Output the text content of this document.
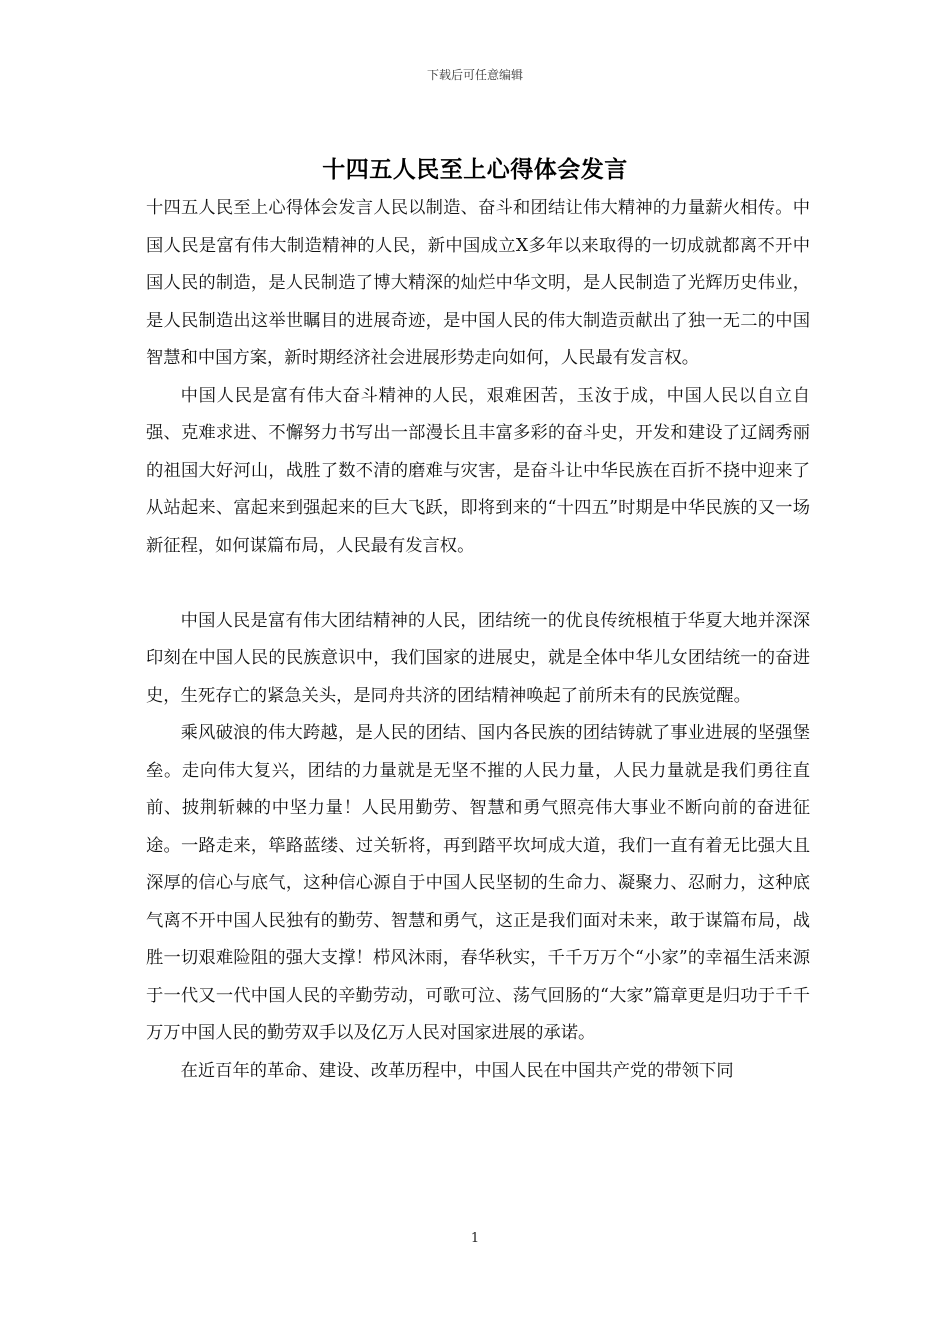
下载后可任意编辑
十四五人民至上心得体会发言

十四五人民至上心得体会发言人民以制造、奋斗和团结让伟大精神的力量薪火相传。中国人民是富有伟大制造精神的人民，新中国成立X多年以来取得的一切成就都离不开中国人民的制造，是人民制造了博大精深的灿烂中华文明，是人民制造了光辉历史伟业，是人民制造出这举世瞩目的进展奇迹，是中国人民的伟大制造贡献出了独一无二的中国智慧和中国方案，新时期经济社会进展形势走向如何，人民最有发言权。

中国人民是富有伟大奋斗精神的人民，艰难困苦，玉汝于成，中国人民以自立自强、克难求进、不懈努力书写出一部漫长且丰富多彩的奋斗史，开发和建设了辽阔秀丽的祖国大好河山，战胜了数不清的磨难与灾害，是奋斗让中华民族在百折不挠中迎来了从站起来、富起来到强起来的巨大飞跃，即将到来的“十四五”时期是中华民族的又一场新征程，如何谋篇布局，人民最有发言权。

中国人民是富有伟大团结精神的人民，团结统一的优良传统根植于华夏大地并深深印刻在中国人民的民族意识中，我们国家的进展史，就是全体中华儿女团结统一的奋进史，生死存亡的紧急关头，是同舟共济的团结精神唤起了前所未有的民族觉醒。

乘风破浪的伟大跨越，是人民的团结、国内各民族的团结铸就了事业进展的坚强堡垒。走向伟大复兴，团结的力量就是无坚不摧的人民力量，人民力量就是我们勇往直前、披荆斩棘的中坚力量！人民用勤劳、智慧和勇气照亮伟大事业不断向前的奋进征途。一路走来，筚路蓝缕、过关斩将，再到踏平坎坷成大道，我们一直有着无比强大且深厚的信心与底气，这种信心源自于中国人民坚韧的生命力、凝聚力、忍耐力，这种底气离不开中国人民独有的勤劳、智慧和勇气，这正是我们面对未来，敢于谋篇布局，战胜一切艰难险阻的强大支撑！栉风沐雨，春华秋实，千千万万个“小家”的幸福生活来源于一代又一代中国人民的辛勤劳动，可歌可泣、荡气回肠的“大家”篇章更是归功于千千万万中国人民的勤劳双手以及亿万人民对国家进展的承诺。

在近百年的革命、建设、改革历程中，中国人民在中国共产党的带领下同

1
